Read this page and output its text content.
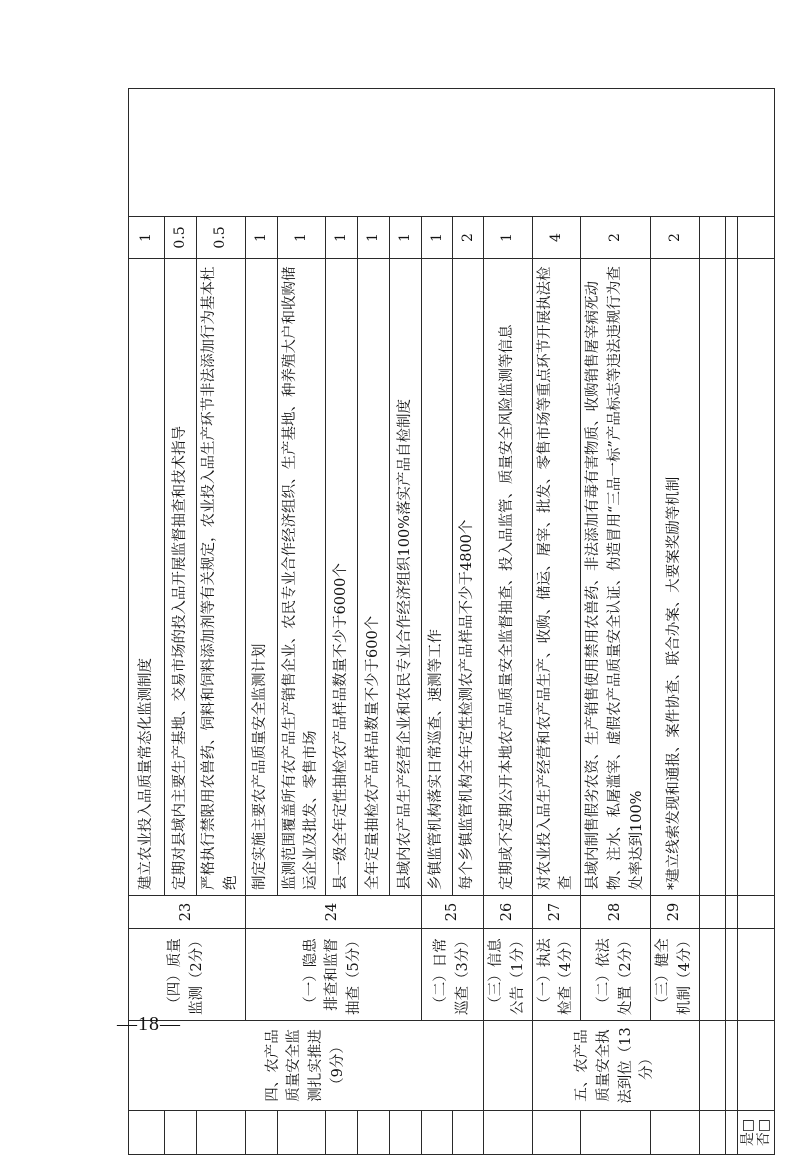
	四、农产品质量安全监测扎实推进（9分）	（四）质量监测（2分）	23	建立农业投入品质量常态化监测制度	1	
				定期对县域内主要生产基地、交易市场的投入品开展监督抽查和技术指导	0.5	
				严格执行禁限用农兽药、饲料和饲料添加剂等有关规定，农业投入品生产环节非法添加行为基本杜绝	0.5	
		（一）隐患排查和监督抽查（5分）	24	制定实施主要农产品质量安全监测计划	1	
				监测范围覆盖所有农产品生产销售企业、农民专业合作经济组织、生产基地、种养殖大户和收购储运企业及批发、零售市场	1	
				县一级全年定性抽检农产品样品数量不少于6000个	1	
				全年定量抽检农产品样品数量不少于600个	1	
				县域内农产品生产经营企业和农民专业合作经济组织100%落实产品自检制度	1	
		（二）日常巡查（3分）	25	乡镇监管机构落实日常巡查、速测等工作	1	
				每个乡镇监管机构全年定性检测农产品样品不少于4800个	2	
		（三）信息公告（1分）	26	定期或不定期公开本地农产品质量安全监督抽查、投入品监管、质量安全风险监测等信息	1	
	五、农产品质量安全执法到位（13分）	（一）执法检查（4分）	27	对农业投入品生产经营和农产品生产、收购、储运、屠宰、批发、零售市场等重点环节开展执法检查	4	
		（二）依法处置（2分）	28	县域内制售假劣农资、生产销售使用禁用农兽药、非法添加有毒有害物质、收购销售屠宰病死动物、注水、私屠滥宰、虚假农产品质量安全认证、伪造冒用“三品一标”产品标志等违法违规行为查处率达到100%	2	
		（三）健全机制（4分）	29	*建立线索发现和通报、案件协查、联合办案、大要案奖励等机制	2	

是□ 否□						
—18—
